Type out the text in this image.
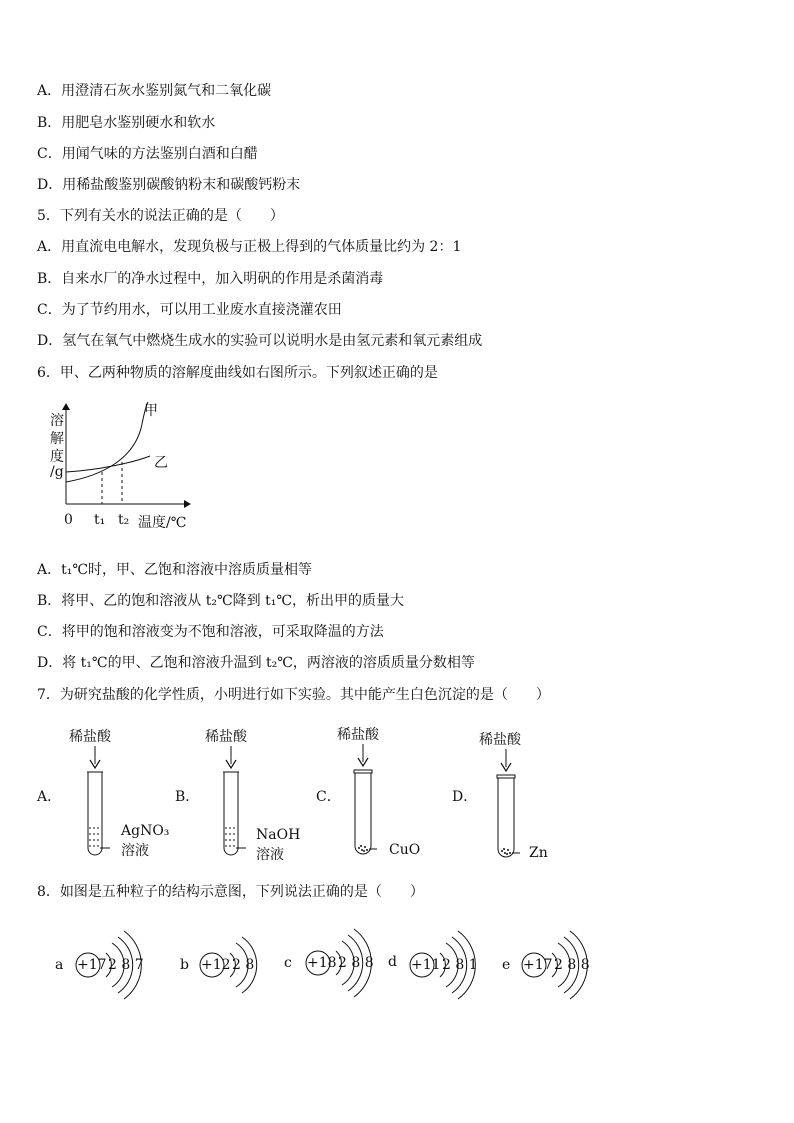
A．用澄清石灰水鉴别氮气和二氧化碳
B．用肥皂水鉴别硬水和软水
C．用闻气味的方法鉴别白酒和白醋
D．用稀盐酸鉴别碳酸钠粉末和碳酸钙粉末
5．下列有关水的说法正确的是（　　）
A．用直流电电解水，发现负极与正极上得到的气体质量比约为 2：1
B．自来水厂的净水过程中，加入明矾的作用是杀菌消毒
C．为了节约用水，可以用工业废水直接浇灌农田
D．氢气在氧气中燃烧生成水的实验可以说明水是由氢元素和氧元素组成
6．甲、乙两种物质的溶解度曲线如右图所示。下列叙述正确的是
溶
解
度
/g
0 t₁ t₂ 温度/℃
甲
乙
A．t₁℃时，甲、乙饱和溶液中溶质质量相等
B．将甲、乙的饱和溶液从 t₂℃降到 t₁℃，析出甲的质量大
C．将甲的饱和溶液变为不饱和溶液，可采取降温的方法
D．将 t₁℃的甲、乙饱和溶液升温到 t₂℃，两溶液的溶质质量分数相等
7．为研究盐酸的化学性质，小明进行如下实验。其中能产生白色沉淀的是（　　）
稀盐酸
A．
AgNO₃
溶液
稀盐酸
B．
NaOH
溶液
稀盐酸
C．
CuO
稀盐酸
D．
Zn
8．如图是五种粒子的结构示意图，下列说法正确的是（　　）
a +17 2 8 7	b +12 2 8 c +18 2 8 8 d +11 2 8 1 e +17 2 8 8
